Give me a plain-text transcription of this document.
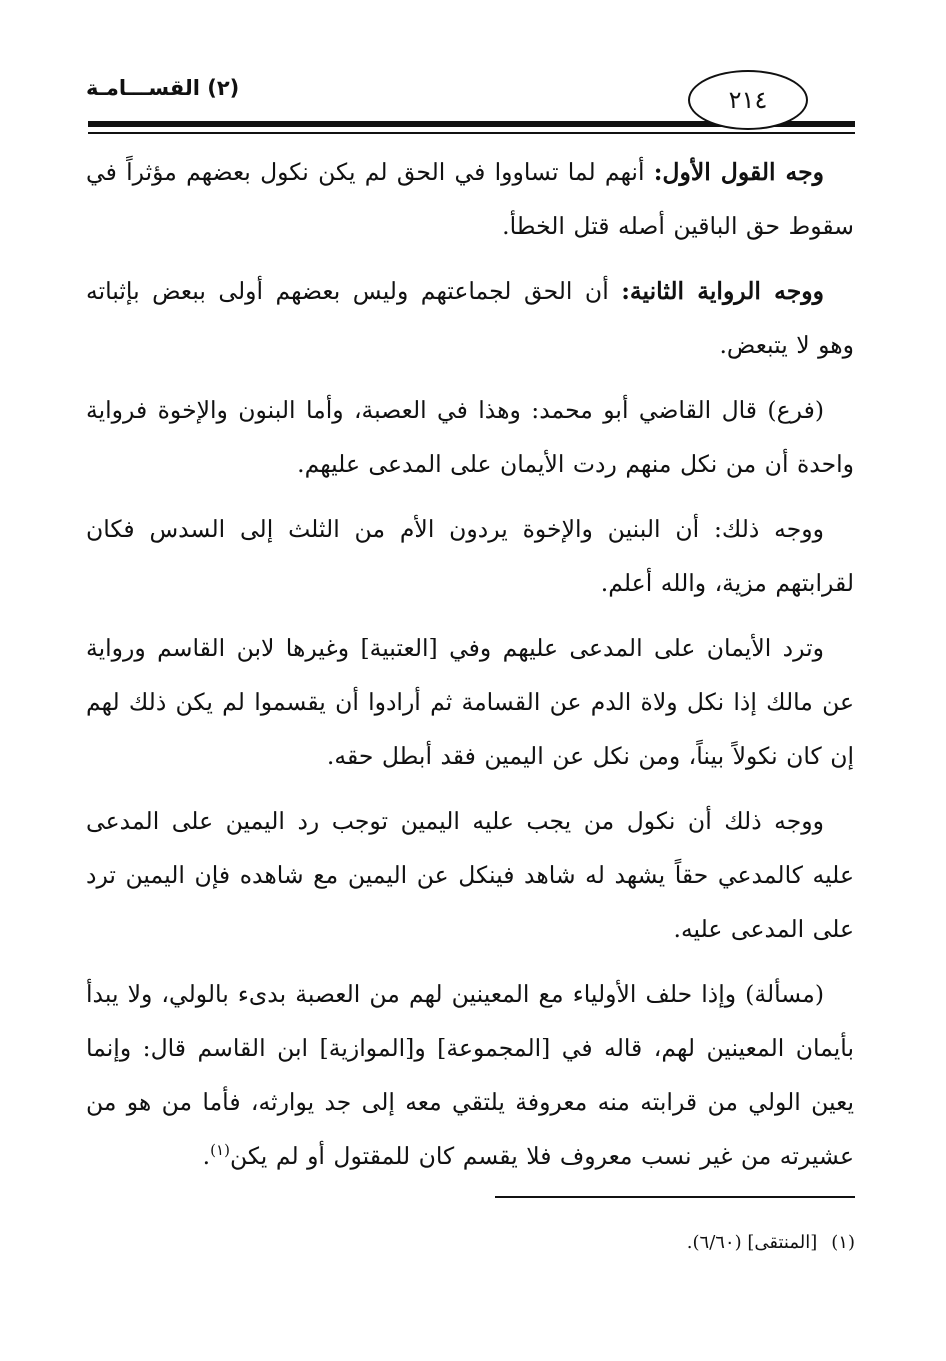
(٢) القســـامـة	٢١٤

وجه القول الأول: أنهم لما تساووا في الحق لم يكن نكول بعضهم مؤثراً في سقوط حق الباقين أصله قتل الخطأ.

ووجه الرواية الثانية: أن الحق لجماعتهم وليس بعضهم أولى ببعض بإثباته وهو لا يتبعض.

(فرع) قال القاضي أبو محمد: وهذا في العصبة، وأما البنون والإخوة فرواية واحدة أن من نكل منهم ردت الأيمان على المدعى عليهم.

ووجه ذلك: أن البنين والإخوة يردون الأم من الثلث إلى السدس فكان لقرابتهم مزية، والله أعلم.

وترد الأيمان على المدعى عليهم وفي [العتبية] وغيرها لابن القاسم ورواية عن مالك إذا نكل ولاة الدم عن القسامة ثم أرادوا أن يقسموا لم يكن ذلك لهم إن كان نكولاً بيناً، ومن نكل عن اليمين فقد أبطل حقه.

ووجه ذلك أن نكول من يجب عليه اليمين توجب رد اليمين على المدعى عليه كالمدعي حقاً يشهد له شاهد فينكل عن اليمين مع شاهده فإن اليمين ترد على المدعى عليه.

(مسألة) وإذا حلف الأولياء مع المعينين لهم من العصبة بدىء بالولي، ولا يبدأ بأيمان المعينين لهم، قاله في [المجموعة] و[الموازية] ابن القاسم قال: وإنما يعين الولي من قرابته منه معروفة يلتقي معه إلى جد يوارثه، فأما من هو من عشيرته من غير نسب معروف فلا يقسم كان للمقتول أو لم يكن$^{(١)}$.

(١)[المنتقى] (٦/٦٠).
